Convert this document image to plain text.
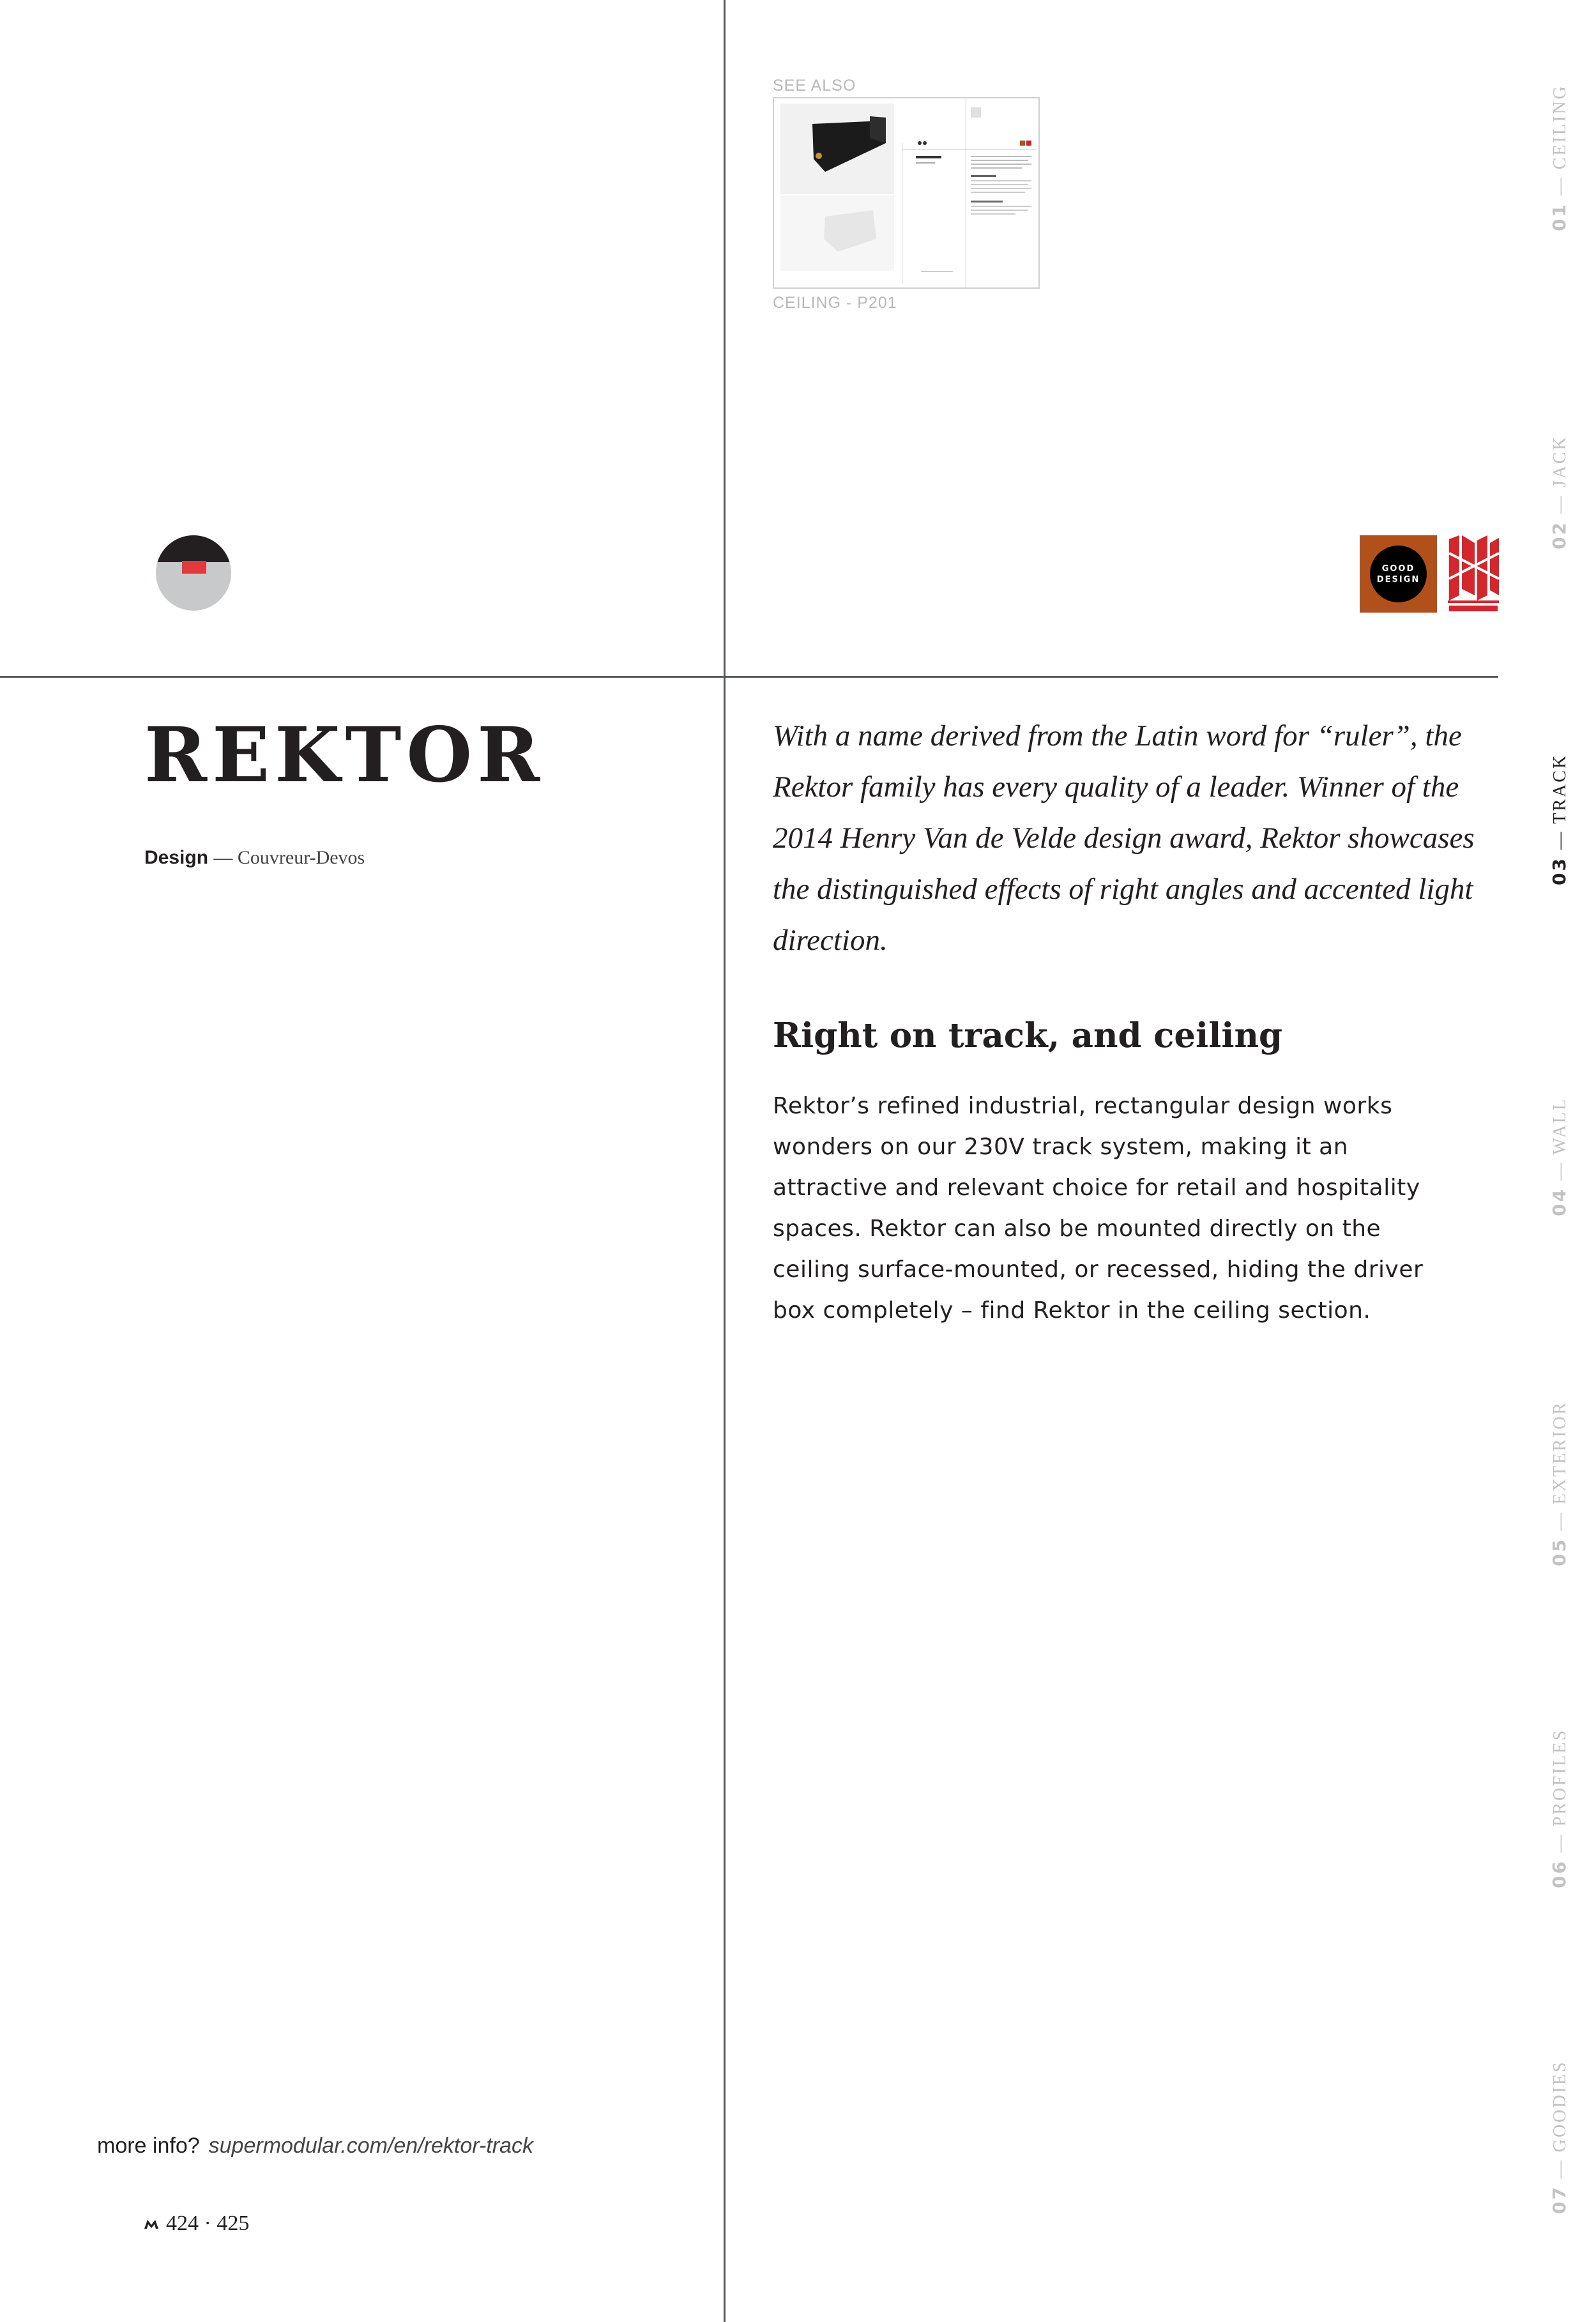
SEE ALSO
CEILING - P201
GOOD
DESIGN
REKTOR
Design — Couvreur-Devos
With a name derived from the Latin word for “ruler”, the Rektor family has every quality of a leader. Winner of the 2014 Henry Van de Velde design award, Rektor showcases the distinguished effects of right angles and accented light direction.
Right on track, and ceiling
Rektor’s refined industrial, rectangular design works
wonders on our 230V track system, making it an
attractive and relevant choice for retail and hospitality
spaces. Rektor can also be mounted directly on the
ceiling surface-mounted, or recessed, hiding the driver
box completely – find Rektor in the ceiling section.
01 — CEILING
02 — JACK
03 — TRACK
04 — WALL
05 — EXTERIOR
06 — PROFILES
07 — GOODIES
more info? supermodular.com/en/rektor-track
424 · 425
